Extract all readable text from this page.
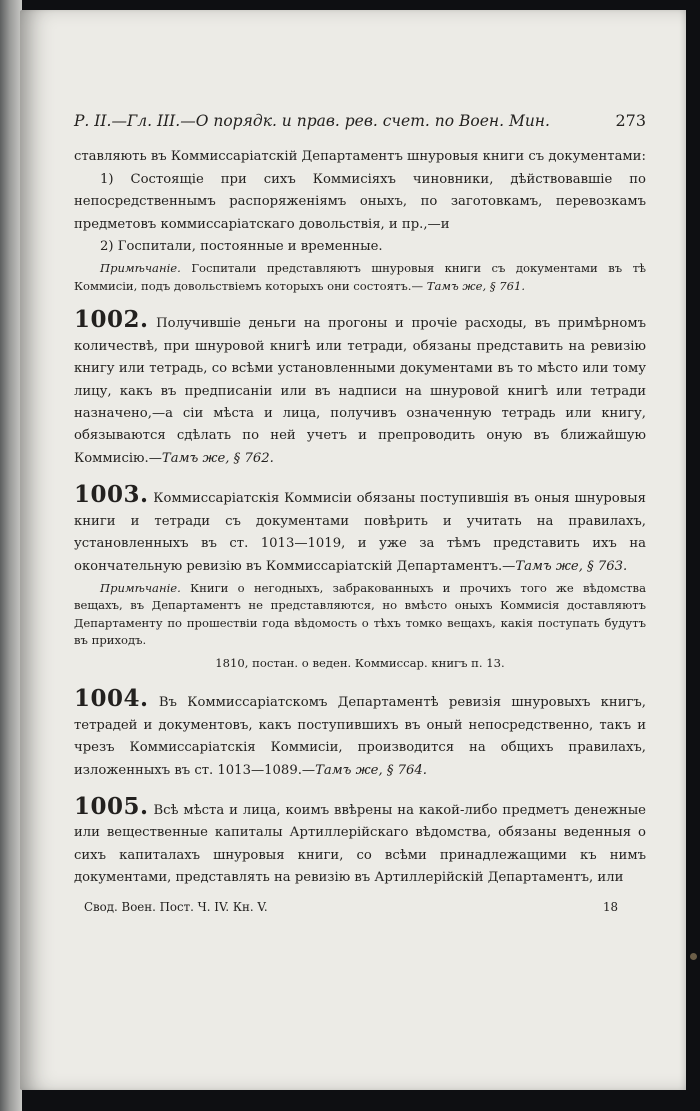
Р. II.—Гл. III.—О порядк. и прав. рев. счет. по Воен. Мин.	273

ставляють въ Коммиссаріатскій Департаментъ шнуровыя книги съ документами:

1) Состоящіе при сихъ Коммисіяхъ чиновники, дѣйствовавшіе по непосредственнымъ распоряженіямъ оныхъ, по заготовкамъ, перевозкамъ предметовъ коммиссаріатскаго довольствія, и пр.,—и

2) Госпитали, постоянные и временные.

Примѣчаніе. Госпитали представляютъ шнуровыя книги съ документами въ тѣ Коммисіи, подъ довольствіемъ которыхъ они состоятъ.— Тамъ же, § 761.

1002. Получившіе деньги на прогоны и прочіе расходы, въ примѣрномъ количествѣ, при шнуровой книгѣ или тетради, обязаны представить на ревизію книгу или тетрадь, со всѣми установленными документами въ то мѣсто или тому лицу, какъ въ предписаніи или въ надписи на шнуровой книгѣ или тетради назначено,—а сіи мѣста и лица, получивъ означенную тетрадь или книгу, обязываются сдѣлать по ней учетъ и препроводить оную въ ближайшую Коммисію.—Тамъ же, § 762.

1003. Коммиссаріатскія Коммисіи обязаны поступившія въ оныя шнуровыя книги и тетради съ документами повѣрить и учитать на правилахъ, установленныхъ въ ст. 1013—1019, и уже за тѣмъ представить ихъ на окончательную ревизію въ Коммиссаріатскій Департаментъ.—Тамъ же, § 763.

Примѣчаніе. Книги о негодныхъ, забракованныхъ и прочихъ того же вѣдомства вещахъ, въ Департаментъ не представляются, но вмѣсто оныхъ Коммисія доставляютъ Департаменту по прошествіи года вѣдомость о тѣхъ томко вещахъ, какія поступать будутъ въ приходъ.

1810, постан. о веден. Коммиссар. книгъ п. 13.

1004. Въ Коммиссаріатскомъ Департаментѣ ревизія шнуровыхъ книгъ, тетрадей и документовъ, какъ поступившихъ въ оный непосредственно, такъ и чрезъ Коммиссаріатскія Коммисіи, производится на общихъ правилахъ, изложенныхъ въ ст. 1013—1089.—Тамъ же, § 764.

1005. Всѣ мѣста и лица, коимъ ввѣрены на какой-либо предметъ денежные или вещественные капиталы Артиллерійскаго вѣдомства, обязаны веденныя о сихъ капиталахъ шнуровыя книги, со всѣми принадлежащими къ нимъ документами, представлять на ревизію въ Артиллерійскій Департаментъ, или

Свод. Воен. Пост. Ч. IV. Кн. V.	18
